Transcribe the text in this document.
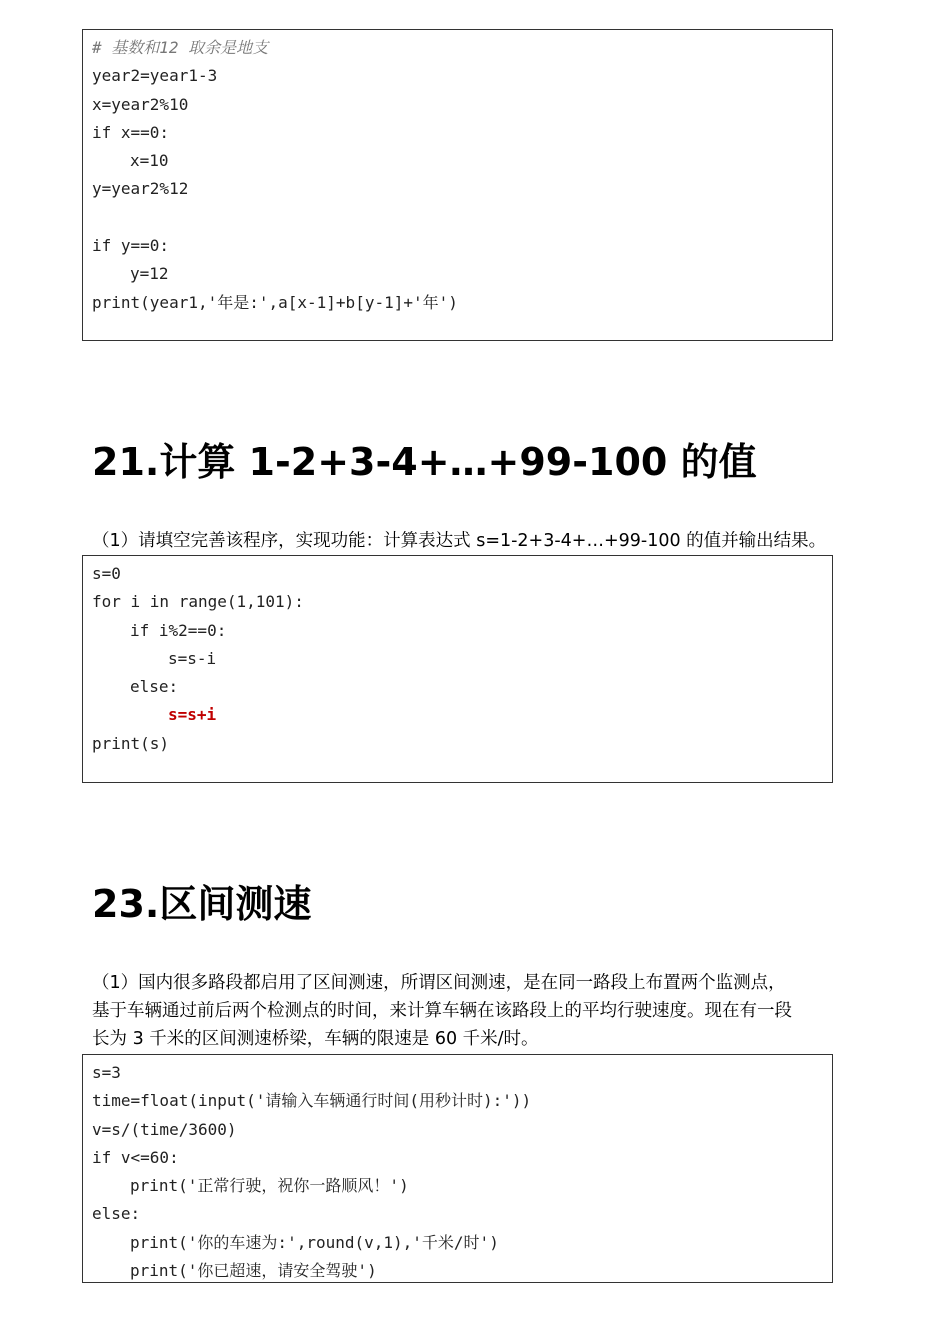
# 基数和12 取余是地支
year2=year1-3
x=year2%10
if x==0:
x=10
y=year2%12
if y==0:
y=12
print(year1,'年是:',a[x-1]+b[y-1]+'年')
21.计算 1-2+3-4+…+99-100 的值

（1）请填空完善该程序，实现功能：计算表达式 s=1-2+3-4+…+99-100 的值并输出结果。

s=0
for i in range(1,101):
if i%2==0:
s=s-i
else:
s=s+i
print(s)
23.区间测速

（1）国内很多路段都启用了区间测速，所谓区间测速，是在同一路段上布置两个监测点，
基于车辆通过前后两个检测点的时间，来计算车辆在该路段上的平均行驶速度。现在有一段
长为 3 千米的区间测速桥梁，车辆的限速是 60 千米/时。

s=3
time=float(input('请输入车辆通行时间(用秒计时):'))
v=s/(time/3600)
if v<=60:
print('正常行驶，祝你一路顺风！')
else:
print('你的车速为:',round(v,1),'千米/时')
print('你已超速，请安全驾驶')
